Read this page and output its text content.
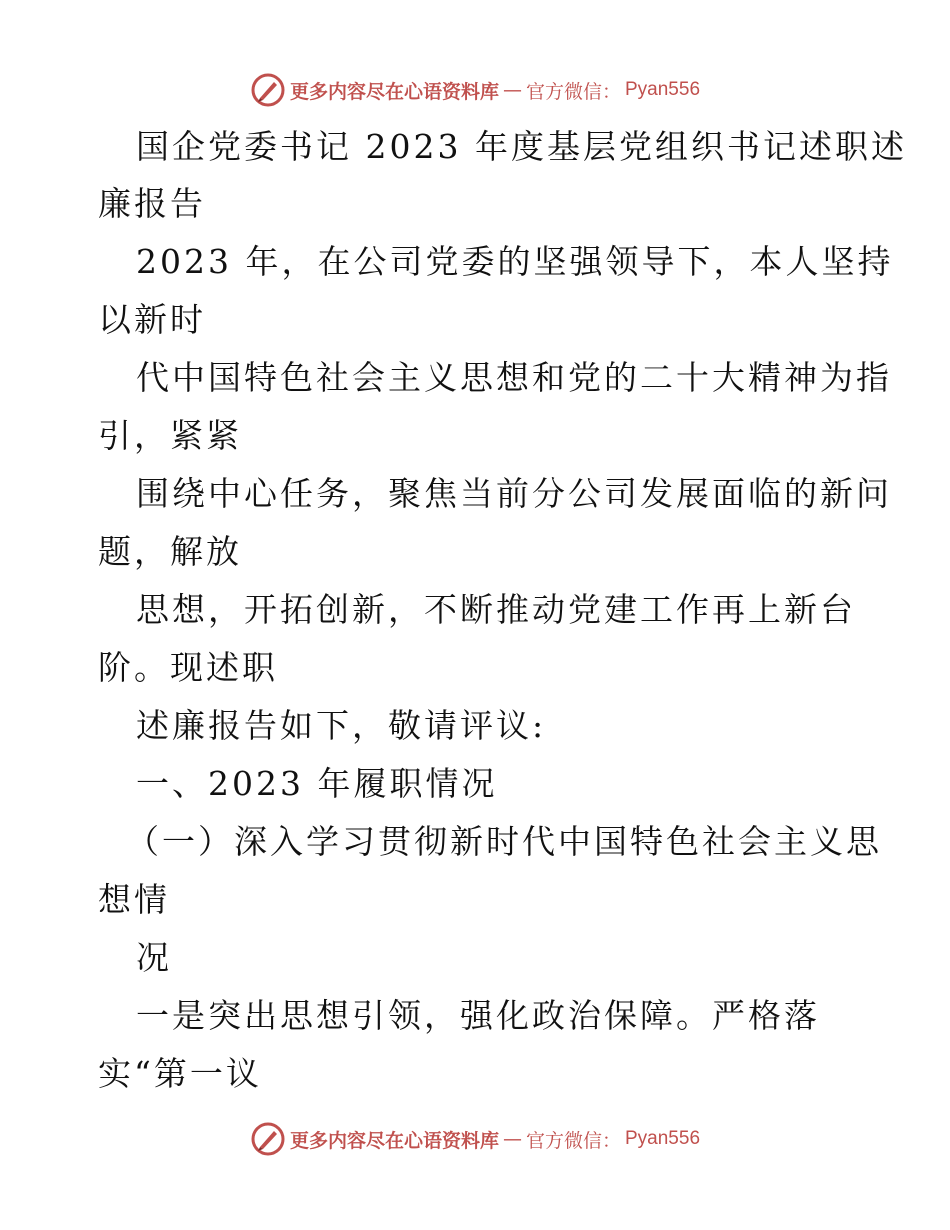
更多内容尽在心语资料库 — 官方微信： Pyan556
国企党委书记 2023 年度基层党组织书记述职述
廉报告
2023 年，在公司党委的坚强领导下，本人坚持
以新时
代中国特色社会主义思想和党的二十大精神为指
引，紧紧
围绕中心任务，聚焦当前分公司发展面临的新问
题，解放
思想，开拓创新，不断推动党建工作再上新台
阶。现述职
述廉报告如下，敬请评议:
一、2023 年履职情况
（一）深入学习贯彻新时代中国特色社会主义思
想情
况
一是突出思想引领，强化政治保障。严格落
实“第一议
更多内容尽在心语资料库 — 官方微信： Pyan556
